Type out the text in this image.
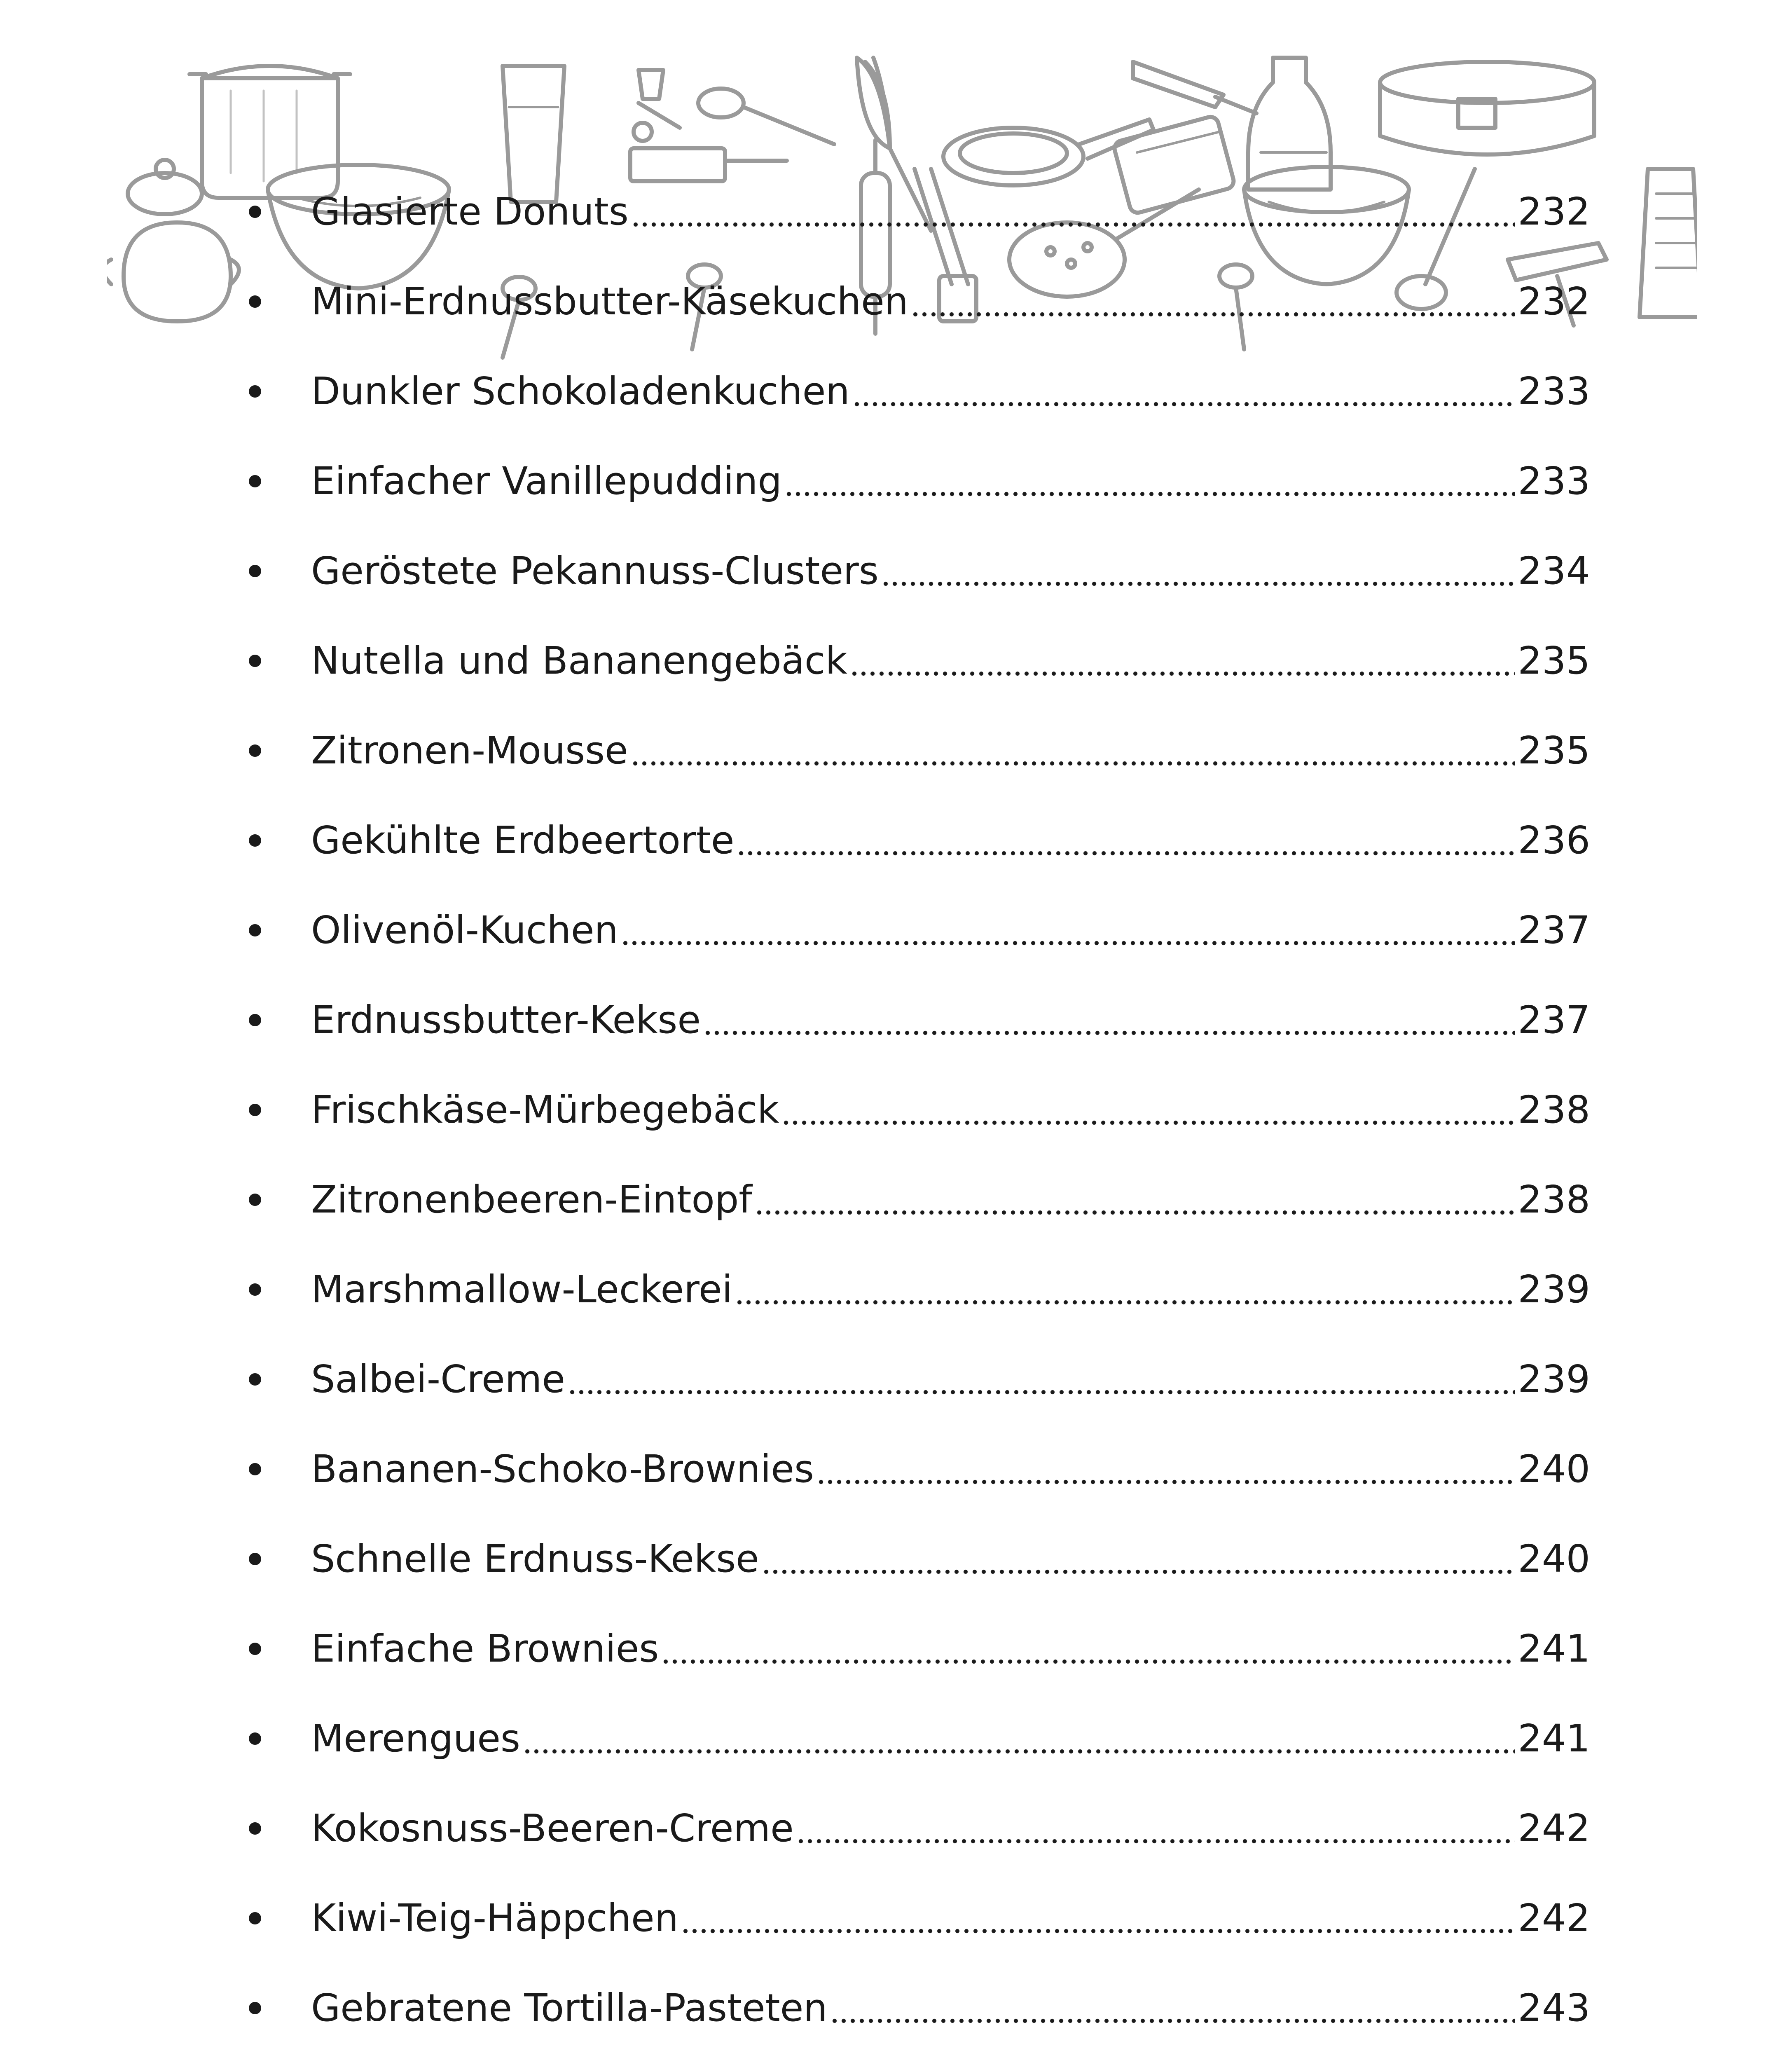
Glasierte Donuts	232
Mini-Erdnussbutter-Käsekuchen	232
Dunkler Schokoladenkuchen	233
Einfacher Vanillepudding	233
Geröstete Pekannuss-Clusters	234
Nutella und Bananengebäck	235
Zitronen-Mousse	235
Gekühlte Erdbeertorte	236
Olivenöl-Kuchen	237
Erdnussbutter-Kekse	237
Frischkäse-Mürbegebäck	238
Zitronenbeeren-Eintopf	238
Marshmallow-Leckerei	239
Salbei-Creme	239
Bananen-Schoko-Brownies	240
Schnelle Erdnuss-Kekse	240
Einfache Brownies	241
Merengues	241
Kokosnuss-Beeren-Creme	242
Kiwi-Teig-Häppchen	242
Gebratene Tortilla-Pasteten	243
